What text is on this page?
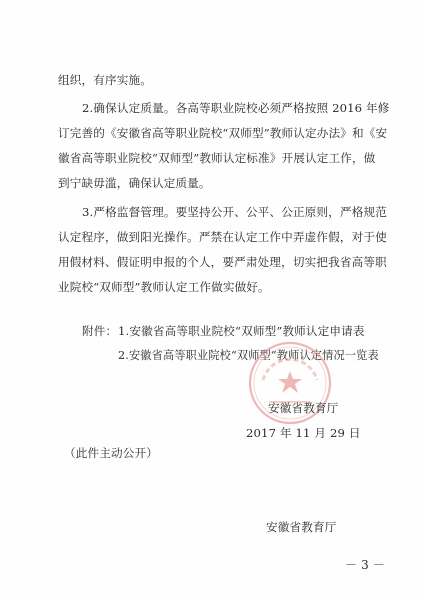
组织，有序实施。
2.确保认定质量。各高等职业院校必须严格按照 2016 年修
订完善的《安徽省高等职业院校“双师型”教师认定办法》和《安
徽省高等职业院校“双师型”教师认定标准》开展认定工作，做
到宁缺毋滥，确保认定质量。
3.严格监督管理。要坚持公开、公平、公正原则，严格规范
认定程序，做到阳光操作。严禁在认定工作中弄虚作假，对于使
用假材料、假证明申报的个人，要严肃处理，切实把我省高等职
业院校“双师型”教师认定工作做实做好。
附件： 1.安徽省高等职业院校“双师型”教师认定申请表
2.安徽省高等职业院校“双师型”教师认定情况一览表
安徽省教育厅
2017 年 11 月 29 日
（此件主动公开）
安徽省教育厅
－ 3 －
